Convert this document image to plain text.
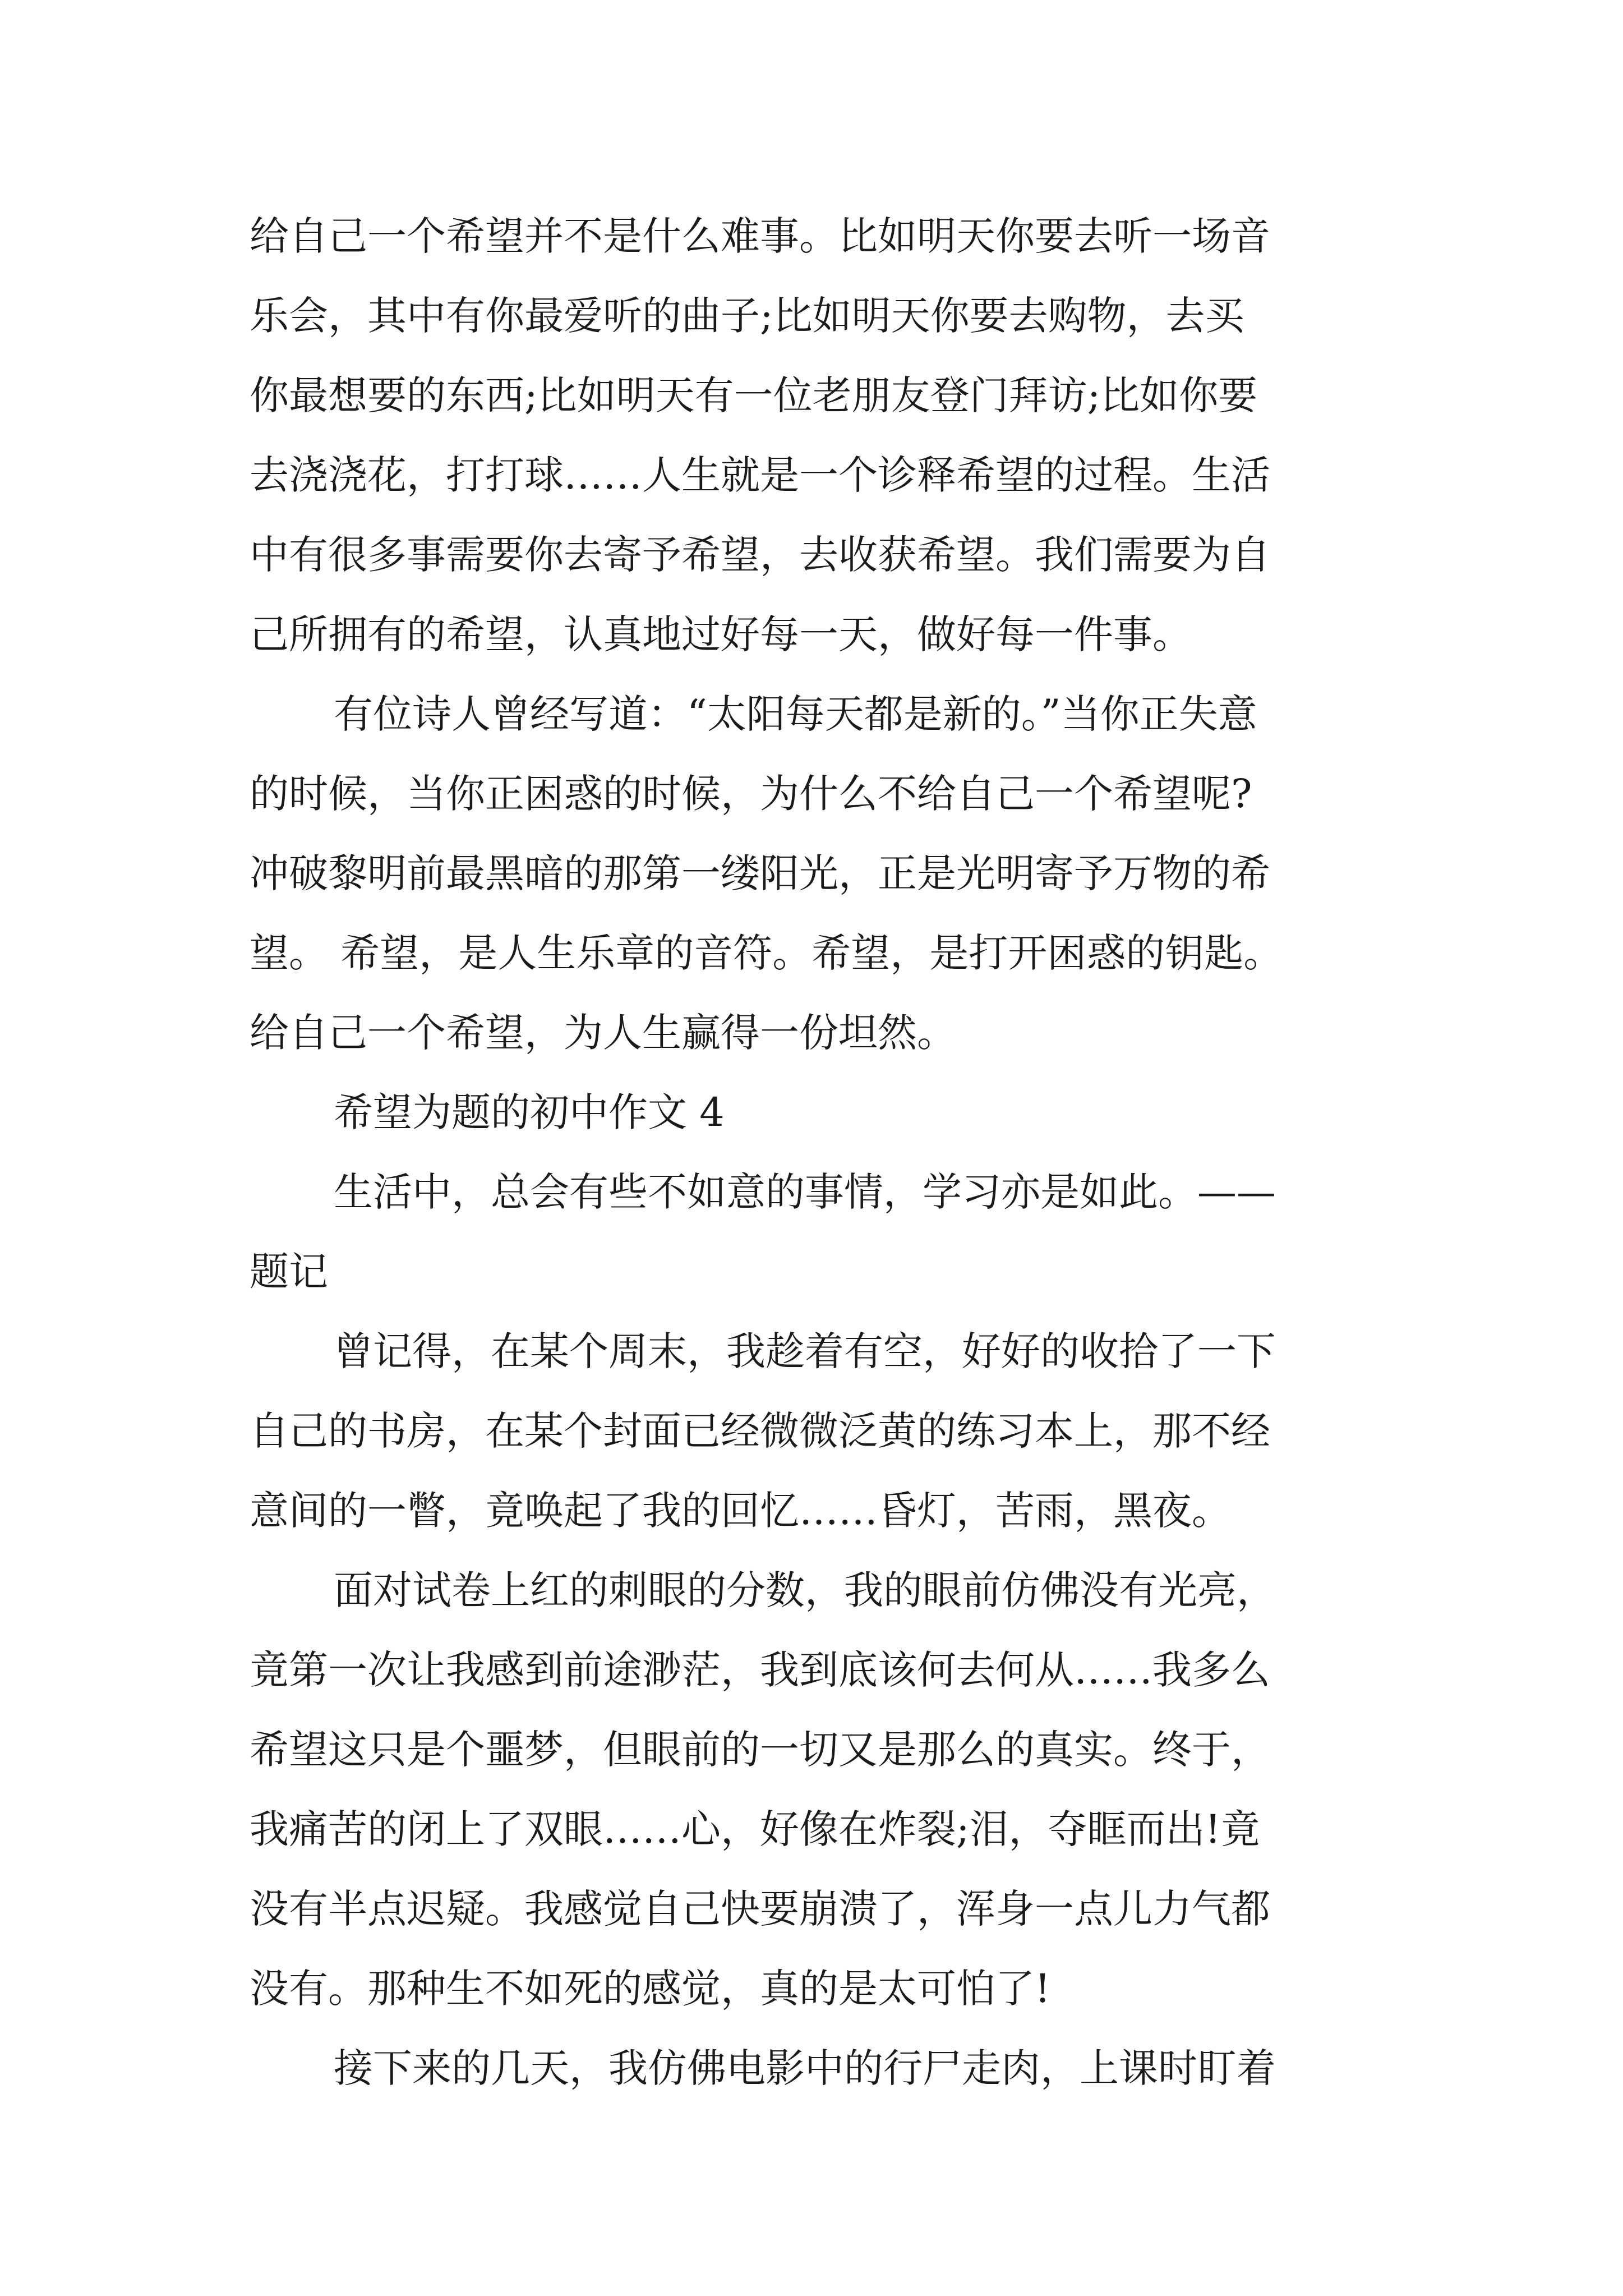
给自己一个希望并不是什么难事。比如明天你要去听一场音
乐会，其中有你最爱听的曲子;比如明天你要去购物，去买
你最想要的东西;比如明天有一位老朋友登门拜访;比如你要
去浇浇花，打打球……人生就是一个诊释希望的过程。生活
中有很多事需要你去寄予希望，去收获希望。我们需要为自
己所拥有的希望，认真地过好每一天，做好每一件事。
有位诗人曾经写道：“太阳每天都是新的。”当你正失意
的时候，当你正困惑的时候，为什么不给自己一个希望呢?
冲破黎明前最黑暗的那第一缕阳光，正是光明寄予万物的希
望。 希望，是人生乐章的音符。希望，是打开困惑的钥匙。
给自己一个希望，为人生赢得一份坦然。
希望为题的初中作文 4
生活中，总会有些不如意的事情，学习亦是如此。——
题记
曾记得，在某个周末，我趁着有空，好好的收拾了一下
自己的书房，在某个封面已经微微泛黄的练习本上，那不经
意间的一瞥，竟唤起了我的回忆……昏灯，苦雨，黑夜。
面对试卷上红的刺眼的分数，我的眼前仿佛没有光亮，
竟第一次让我感到前途渺茫，我到底该何去何从……我多么
希望这只是个噩梦，但眼前的一切又是那么的真实。终于，
我痛苦的闭上了双眼……心，好像在炸裂;泪，夺眶而出!竟
没有半点迟疑。我感觉自己快要崩溃了，浑身一点儿力气都
没有。那种生不如死的感觉，真的是太可怕了!
接下来的几天，我仿佛电影中的行尸走肉，上课时盯着
